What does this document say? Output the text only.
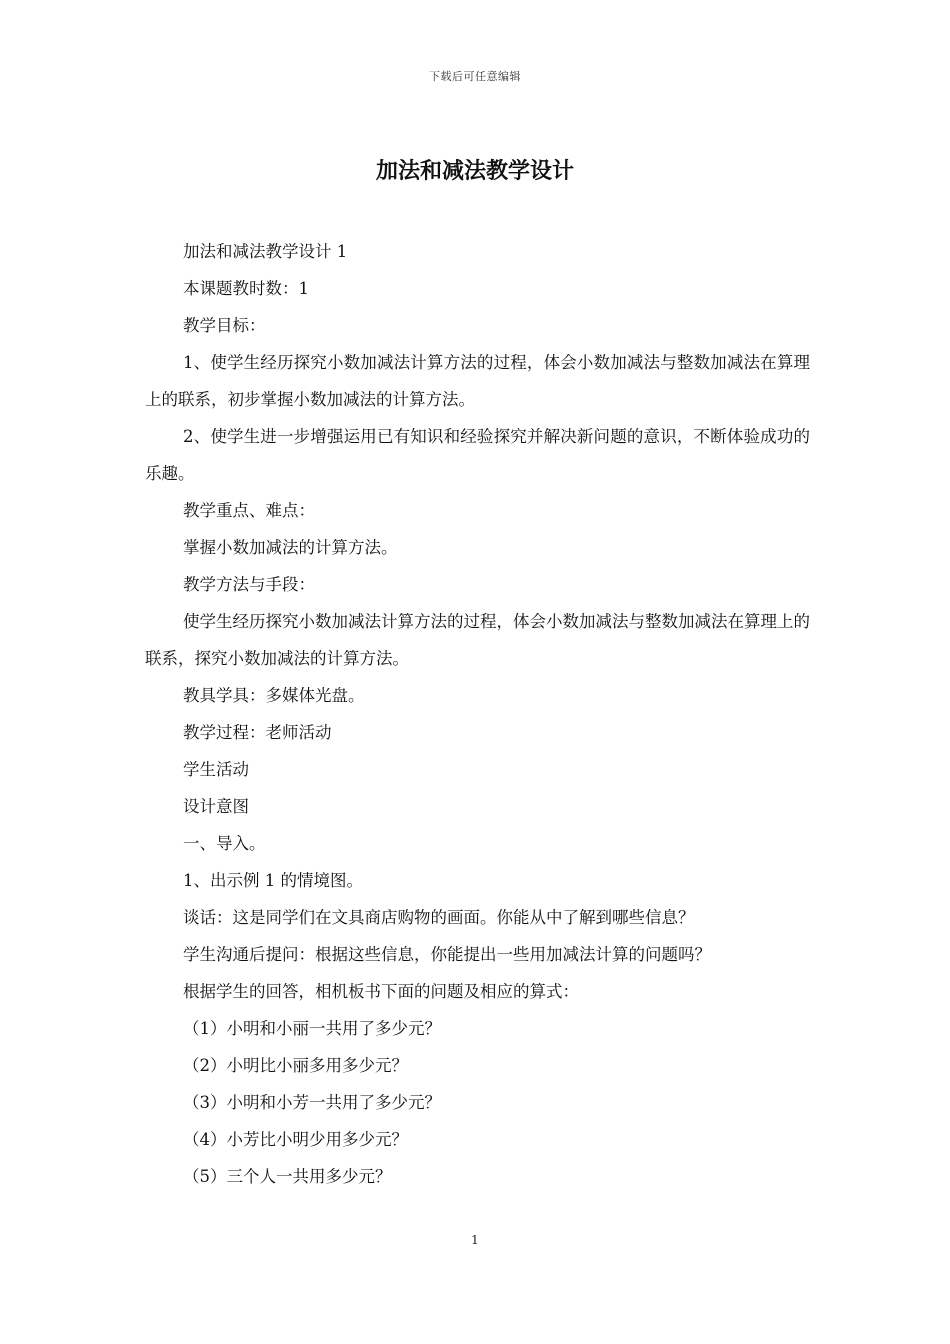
下载后可任意编辑
加法和减法教学设计

加法和减法教学设计 1

本课题教时数：1

教学目标：

1、使学生经历探究小数加减法计算方法的过程，体会小数加减法与整数加减法在算理上的联系，初步掌握小数加减法的计算方法。

2、使学生进一步增强运用已有知识和经验探究并解决新问题的意识，不断体验成功的乐趣。

教学重点、难点：

掌握小数加减法的计算方法。

教学方法与手段：

使学生经历探究小数加减法计算方法的过程，体会小数加减法与整数加减法在算理上的联系，探究小数加减法的计算方法。

教具学具：多媒体光盘。

教学过程：老师活动

学生活动

设计意图

一、导入。

1、出示例 1 的情境图。

谈话：这是同学们在文具商店购物的画面。你能从中了解到哪些信息？

学生沟通后提问：根据这些信息，你能提出一些用加减法计算的问题吗？

根据学生的回答，相机板书下面的问题及相应的算式：

（1）小明和小丽一共用了多少元？

（2）小明比小丽多用多少元？

（3）小明和小芳一共用了多少元？

（4）小芳比小明少用多少元？

（5）三个人一共用多少元？

1
